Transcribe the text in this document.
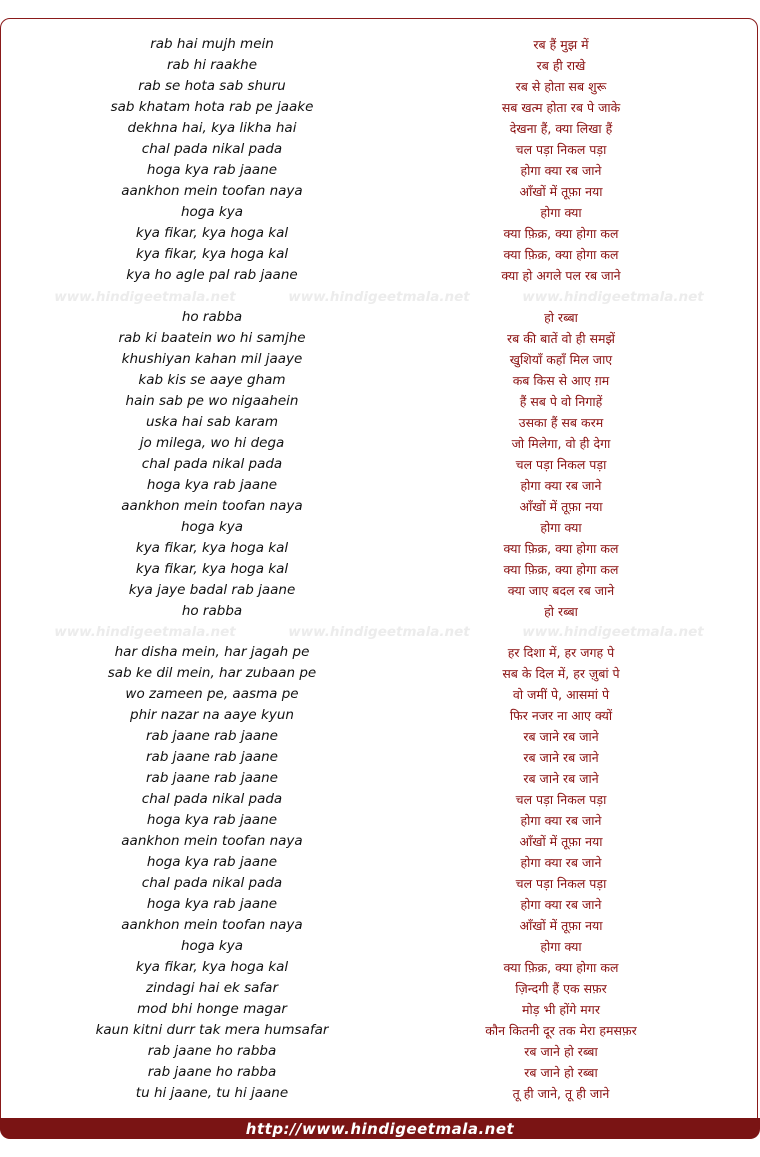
rab hai mujh mein	रब हैं मुझ में
rab hi raakhe	रब ही राखे
rab se hota sab shuru	रब से होता सब शुरू
sab khatam hota rab pe jaake	सब खत्म होता रब पे जाके
dekhna hai, kya likha hai	देखना हैं, क्या लिखा हैं
chal pada nikal pada	चल पड़ा निकल पड़ा
hoga kya rab jaane	होगा क्या रब जाने
aankhon mein toofan naya	आँखों में तूफ़ा नया
hoga kya	होगा क्या
kya fikar, kya hoga kal	क्या फ़िक्र, क्या होगा कल
kya fikar, kya hoga kal	क्या फ़िक्र, क्या होगा कल
kya ho agle pal rab jaane	क्या हो अगले पल रब जाने
ho rabba	हो रब्बा
rab ki baatein wo hi samjhe	रब की बातें वो ही समझें
khushiyan kahan mil jaaye	खुशियाँ कहाँ मिल जाए
kab kis se aaye gham	कब किस से आए ग़म
hain sab pe wo nigaahein	हैं सब पे वो निगाहें
uska hai sab karam	उसका हैं सब करम
jo milega, wo hi dega	जो मिलेगा, वो ही देगा
chal pada nikal pada	चल पड़ा निकल पड़ा
hoga kya rab jaane	होगा क्या रब जाने
aankhon mein toofan naya	आँखों में तूफ़ा नया
hoga kya	होगा क्या
kya fikar, kya hoga kal	क्या फ़िक्र, क्या होगा कल
kya fikar, kya hoga kal	क्या फ़िक्र, क्या होगा कल
kya jaye badal rab jaane	क्या जाए बदल रब जाने
ho rabba	हो रब्बा
har disha mein, har jagah pe	हर दिशा में, हर जगह पे
sab ke dil mein, har zubaan pe	सब के दिल में, हर ज़ुबां पे
wo zameen pe, aasma pe	वो जमीं पे, आसमां पे
phir nazar na aaye kyun	फिर नजर ना आए क्यों
rab jaane rab jaane	रब जाने रब जाने
rab jaane rab jaane	रब जाने रब जाने
rab jaane rab jaane	रब जाने रब जाने
chal pada nikal pada	चल पड़ा निकल पड़ा
hoga kya rab jaane	होगा क्या रब जाने
aankhon mein toofan naya	आँखों में तूफ़ा नया
hoga kya rab jaane	होगा क्या रब जाने
chal pada nikal pada	चल पड़ा निकल पड़ा
hoga kya rab jaane	होगा क्या रब जाने
aankhon mein toofan naya	आँखों में तूफ़ा नया
hoga kya	होगा क्या
kya fikar, kya hoga kal	क्या फ़िक्र, क्या होगा कल
zindagi hai ek safar	ज़िन्दगी हैं एक सफ़र
mod bhi honge magar	मोड़ भी होंगे मगर
kaun kitni durr tak mera humsafar	कौन कितनी दूर तक मेरा हमसफ़र
rab jaane ho rabba	रब जाने हो रब्बा
rab jaane ho rabba	रब जाने हो रब्बा
tu hi jaane, tu hi jaane	तू ही जाने, तू ही जाने
www.hindigeetmala.net	www.hindigeetmala.net	www.hindigeetmala.net
www.hindigeetmala.net	www.hindigeetmala.net	www.hindigeetmala.net
http://www.hindigeetmala.net
